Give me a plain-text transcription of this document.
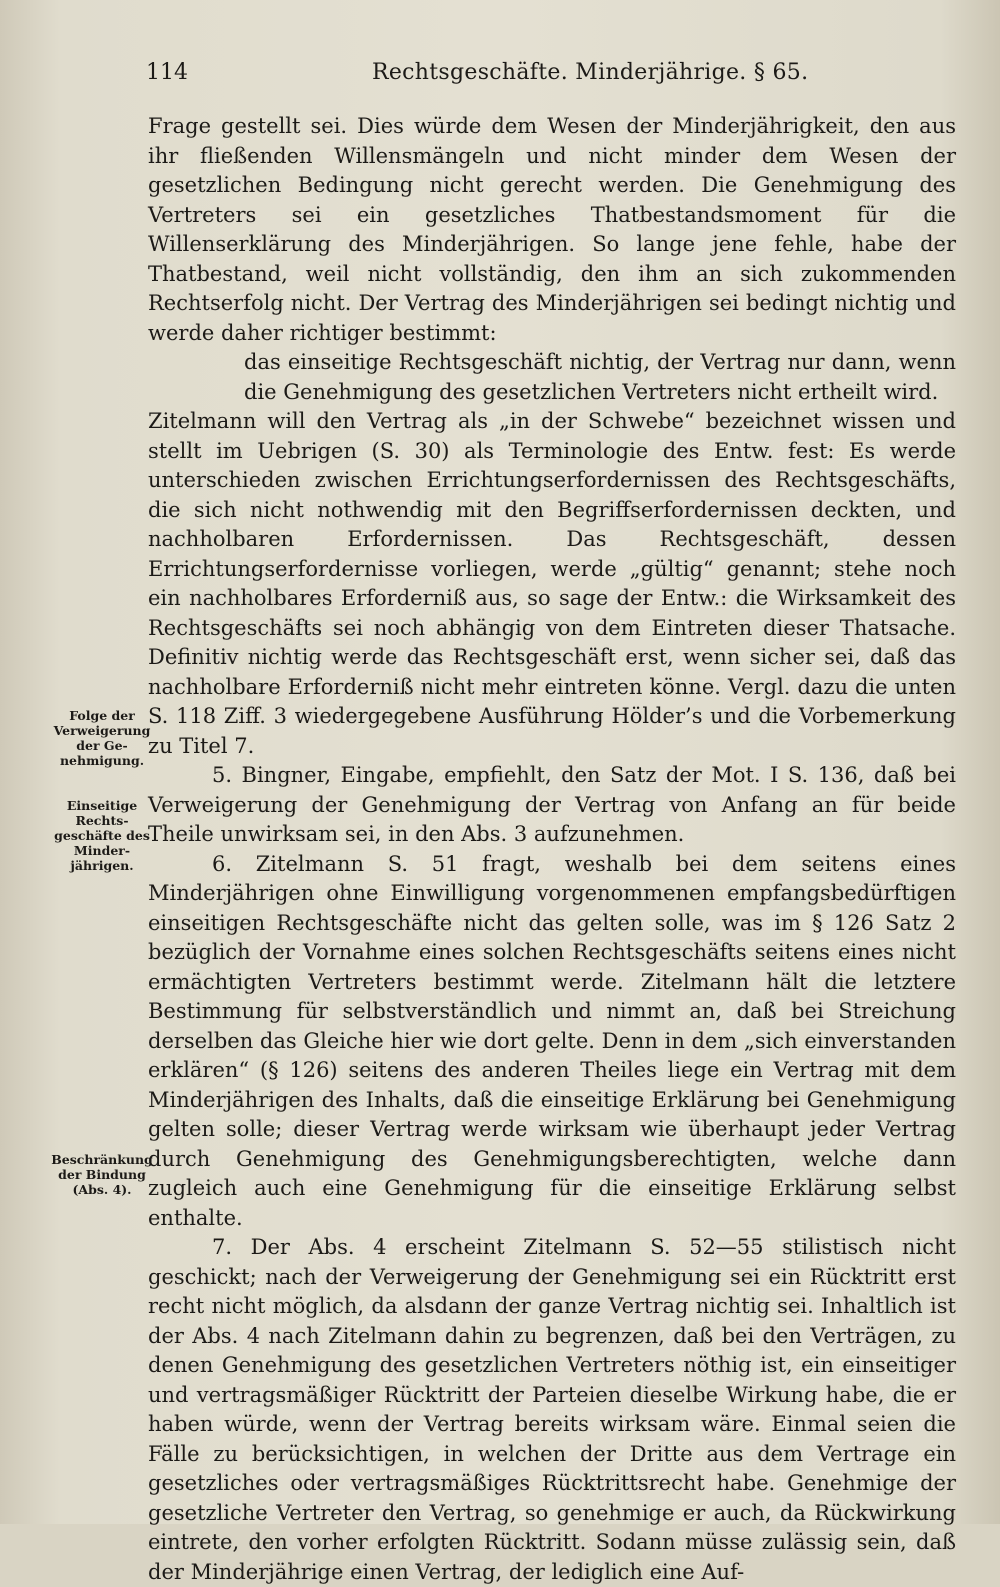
114	Rechtsgeschäfte. Minderjährige. § 65.

Frage gestellt sei. Dies würde dem Wesen der Minderjährigkeit, den aus ihr fließenden Willensmängeln und nicht minder dem Wesen der gesetzlichen Bedingung nicht gerecht werden. Die Genehmigung des Vertreters sei ein gesetzliches Thatbestandsmoment für die Willenserklärung des Minderjährigen. So lange jene fehle, habe der Thatbestand, weil nicht vollständig, den ihm an sich zukommenden Rechtserfolg nicht. Der Vertrag des Minderjährigen sei bedingt nichtig und werde daher richtiger bestimmt:

das einseitige Rechtsgeschäft nichtig, der Vertrag nur dann, wenn die Genehmigung des gesetzlichen Vertreters nicht ertheilt wird.

Zitelmann will den Vertrag als „in der Schwebe“ bezeichnet wissen und stellt im Uebrigen (S. 30) als Terminologie des Entw. fest: Es werde unterschieden zwischen Errichtungserfordernissen des Rechtsgeschäfts, die sich nicht nothwendig mit den Begriffserfordernissen deckten, und nachholbaren Erfordernissen. Das Rechtsgeschäft, dessen Errichtungserfordernisse vorliegen, werde „gültig“ genannt; stehe noch ein nachholbares Erforderniß aus, so sage der Entw.: die Wirksamkeit des Rechtsgeschäfts sei noch abhängig von dem Eintreten dieser Thatsache. Definitiv nichtig werde das Rechtsgeschäft erst, wenn sicher sei, daß das nachholbare Erforderniß nicht mehr eintreten könne. Vergl. dazu die unten S. 118 Ziff. 3 wiedergegebene Ausführung Hölder’s und die Vorbemerkung zu Titel 7.

5. Bingner, Eingabe, empfiehlt, den Satz der Mot. I S. 136, daß bei Verweigerung der Genehmigung der Vertrag von Anfang an für beide Theile unwirksam sei, in den Abs. 3 aufzunehmen.

6. Zitelmann S. 51 fragt, weshalb bei dem seitens eines Minderjährigen ohne Einwilligung vorgenommenen empfangsbedürftigen einseitigen Rechtsgeschäfte nicht das gelten solle, was im § 126 Satz 2 bezüglich der Vornahme eines solchen Rechtsgeschäfts seitens eines nicht ermächtigten Vertreters bestimmt werde. Zitelmann hält die letztere Bestimmung für selbstverständlich und nimmt an, daß bei Streichung derselben das Gleiche hier wie dort gelte. Denn in dem „sich einverstanden erklären“ (§ 126) seitens des anderen Theiles liege ein Vertrag mit dem Minderjährigen des Inhalts, daß die einseitige Erklärung bei Genehmigung gelten solle; dieser Vertrag werde wirksam wie überhaupt jeder Vertrag durch Genehmigung des Genehmigungsberechtigten, welche dann zugleich auch eine Genehmigung für die einseitige Erklärung selbst enthalte.

7. Der Abs. 4 erscheint Zitelmann S. 52—55 stilistisch nicht geschickt; nach der Verweigerung der Genehmigung sei ein Rücktritt erst recht nicht möglich, da alsdann der ganze Vertrag nichtig sei. Inhaltlich ist der Abs. 4 nach Zitelmann dahin zu begrenzen, daß bei den Verträgen, zu denen Genehmigung des gesetzlichen Vertreters nöthig ist, ein einseitiger und vertragsmäßiger Rücktritt der Parteien dieselbe Wirkung habe, die er haben würde, wenn der Vertrag bereits wirksam wäre. Einmal seien die Fälle zu berücksichtigen, in welchen der Dritte aus dem Vertrage ein gesetzliches oder vertragsmäßiges Rücktrittsrecht habe. Genehmige der gesetzliche Vertreter den Vertrag, so genehmige er auch, da Rückwirkung eintrete, den vorher erfolgten Rücktritt. Sodann müsse zulässig sein, daß der Minderjährige einen Vertrag, der lediglich eine Auf-

Folge der
Verweigerung
der Ge-
nehmigung.
Einseitige
Rechts-
geschäfte des
Minder-
jährigen.
Beschränkung
der Bindung
(Abs. 4).
